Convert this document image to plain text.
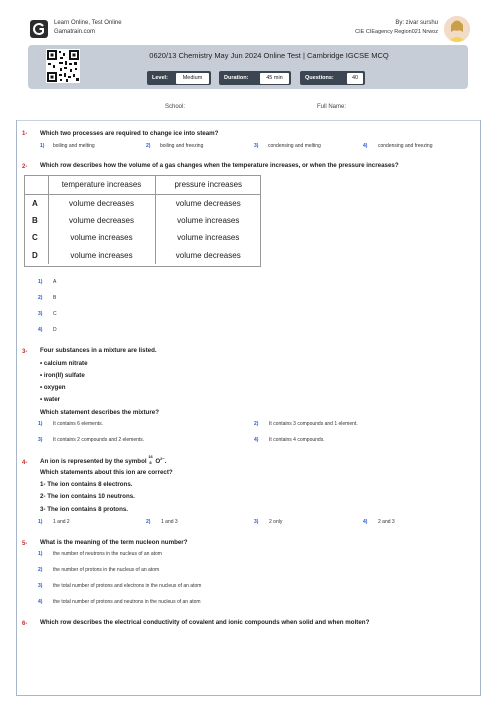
Learn Online, Test Online
Gamatrain.com
By: zivar surshu
CIE CIEagency Region021 Nrwoz
0620/13 Chemistry May Jun 2024 Online Test | Cambridge IGCSE MCQ
Level:	Medium	Duration:	45 min	Questions:	40
School:	Full Name:
1- Which two processes are required to change ice into steam?
1) boiling and melting	2) boiling and freezing	3) condensing and melting	4) condensing and freezing
2- Which row describes how the volume of a gas changes when the temperature increases, or when the pressure increases?
	temperature increases	pressure increases
A	volume decreases	volume decreases
B	volume decreases	volume increases
C	volume increases	volume increases
D	volume increases	volume decreases
1) A
2) B
3) C
4) D
3- Four substances in a mixture are listed.
• calcium nitrate
• iron(II) sulfate
• oxygen
• water
Which statement describes the mixture?
1) It contains 6 elements.	2) It contains 3 compounds and 1 element.
3) It contains 2 compounds and 2 elements.	4) It contains 4 compounds.
4- An ion is represented by the symbol
16
8 $O^{2-}$.
Which statements about this ion are correct?
1- The ion contains 8 electrons.
2- The ion contains 10 neutrons.
3- The ion contains 8 protons.
1) 1 and 2	2) 1 and 3	3) 2 only	4) 2 and 3
5- What is the meaning of the term nucleon number?
1) the number of neutrons in the nucleus of an atom
2) the number of protons in the nucleus of an atom
3) the total number of protons and electrons in the nucleus of an atom
4) the total number of protons and neutrons in the nucleus of an atom
6- Which row describes the electrical conductivity of covalent and ionic compounds when solid and when molten?
